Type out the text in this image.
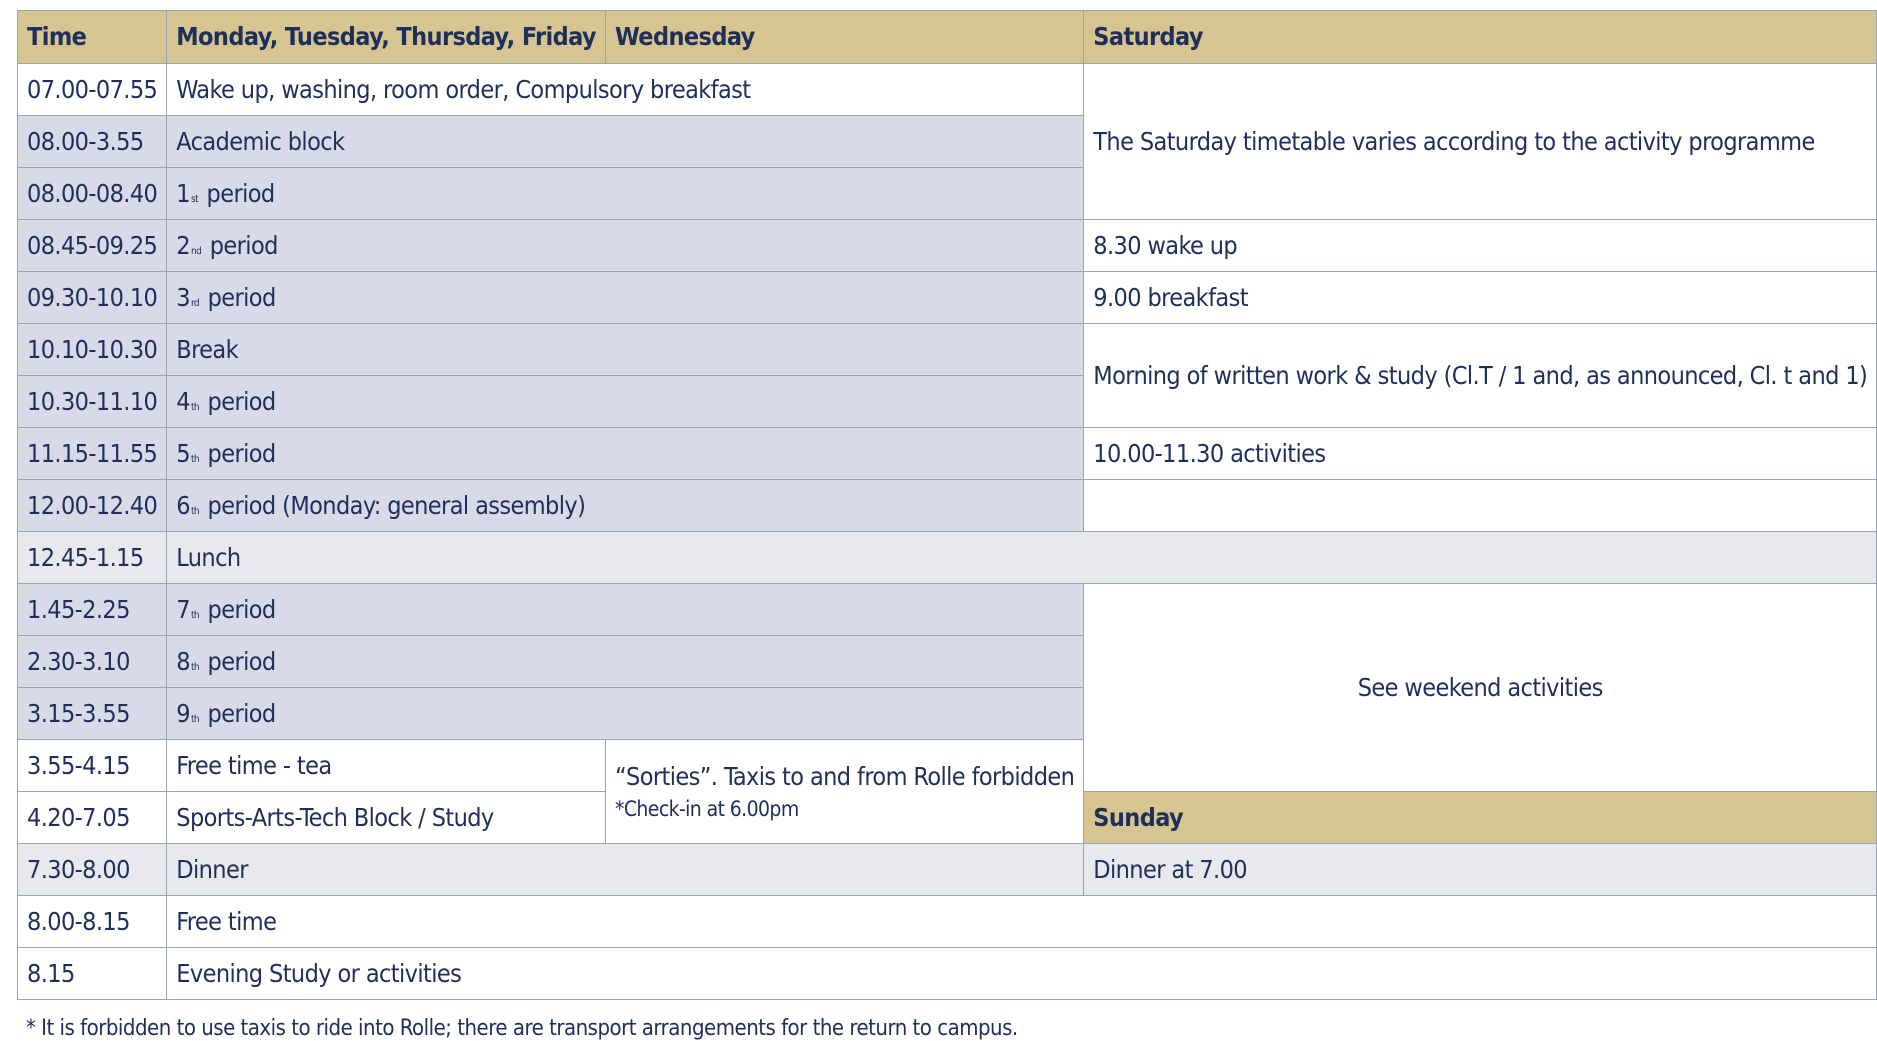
Time	Monday, Tuesday, Thursday, Friday	Wednesday	Saturday
07.00-07.55	Wake up, washing, room order, Compulsory breakfast		The Saturday timetable varies according to the activity programme
08.00-3.55	Academic block		
08.00-08.40	1st period		
08.45-09.25	2nd period		8.30 wake up
09.30-10.10	3rd period		9.00 breakfast
10.10-10.30	Break		Morning of written work & study (Cl.T / 1 and, as announced, Cl. t and 1)
10.30-11.10	4th period		
11.15-11.55	5th period		10.00-11.30 activities
12.00-12.40	6th period (Monday: general assembly)		
12.45-1.15	Lunch		
1.45-2.25	7th period		See weekend activities
2.30-3.10	8th period		
3.15-3.55	9th period		
3.55-4.15	Free time - tea	“Sorties”. Taxis to and from Rolle forbidden
*Check-in at 6.00pm	

4.20-7.05	Sports-Arts-Tech Block / Study		Sunday
7.30-8.00	Dinner		Dinner at 7.00
8.00-8.15	Free time		
8.15	Evening Study or activities		
* It is forbidden to use taxis to ride into Rolle; there are transport arrangements for the return to campus.
